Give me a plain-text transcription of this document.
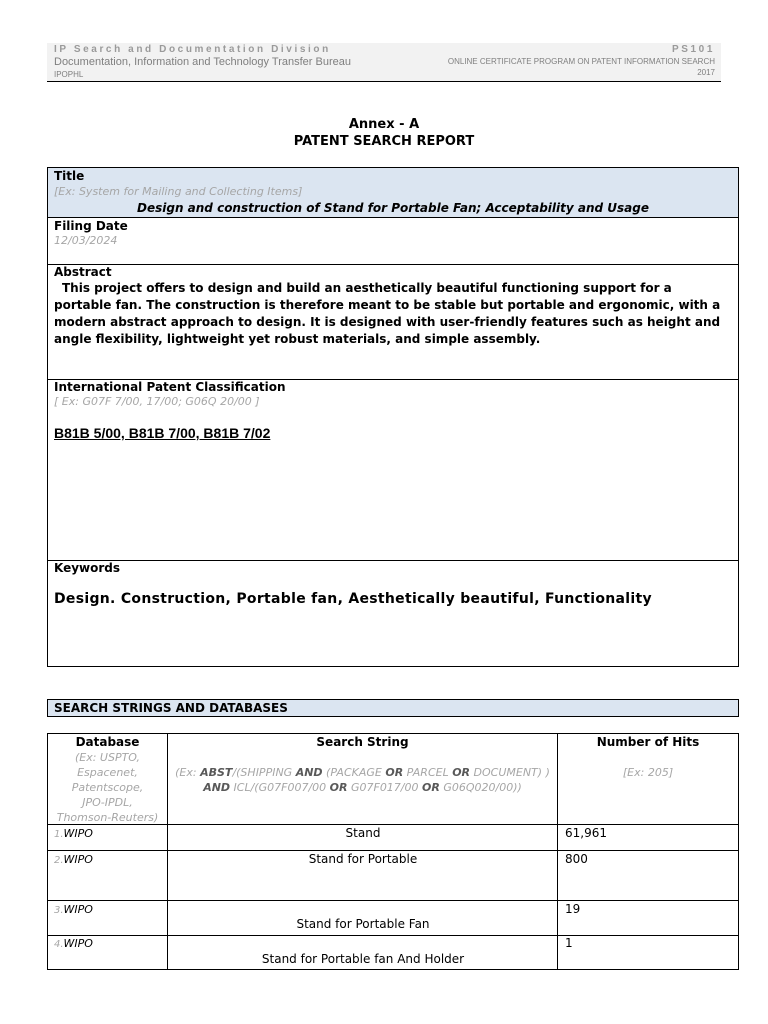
IP Search and Documentation Division
Documentation, Information and Technology Transfer Bureau
IPOPHL
PS101
ONLINE CERTIFICATE PROGRAM ON PATENT INFORMATION SEARCH
2017
Annex - A
PATENT SEARCH REPORT
Title
[Ex: System for Mailing and Collecting Items]
Design and construction of Stand for Portable Fan; Acceptability and Usage
Filing Date
12/03/2024
Abstract
This project offers to design and build an aesthetically beautiful functioning support for a portable fan. The construction is therefore meant to be stable but portable and ergonomic, with a modern abstract approach to design. It is designed with user-friendly features such as height and angle flexibility, lightweight yet robust materials, and simple assembly.
International Patent Classification
[ Ex: G07F 7/00, 17/00; G06Q 20/00 ]
B81B 5/00, B81B 7/00, B81B 7/02
Keywords
Design. Construction, Portable fan, Aesthetically beautiful, Functionality
SEARCH STRINGS AND DATABASES
Database
(Ex: USPTO,
Espacenet,
Patentscope,
JPO-IPDL,
Thomson-Reuters)
Search String
(Ex: ABST/(SHIPPING AND (PACKAGE OR PARCEL OR DOCUMENT) )
AND ICL/(G07F007/00 OR G07F017/00 OR G06Q020/00))
Number of Hits
[Ex: 205]
1.WIPO	Stand	61,961
2.WIPO	Stand for Portable	800
3.WIPO
Stand for Portable Fan
19
4.WIPO
Stand for Portable fan And Holder
1
